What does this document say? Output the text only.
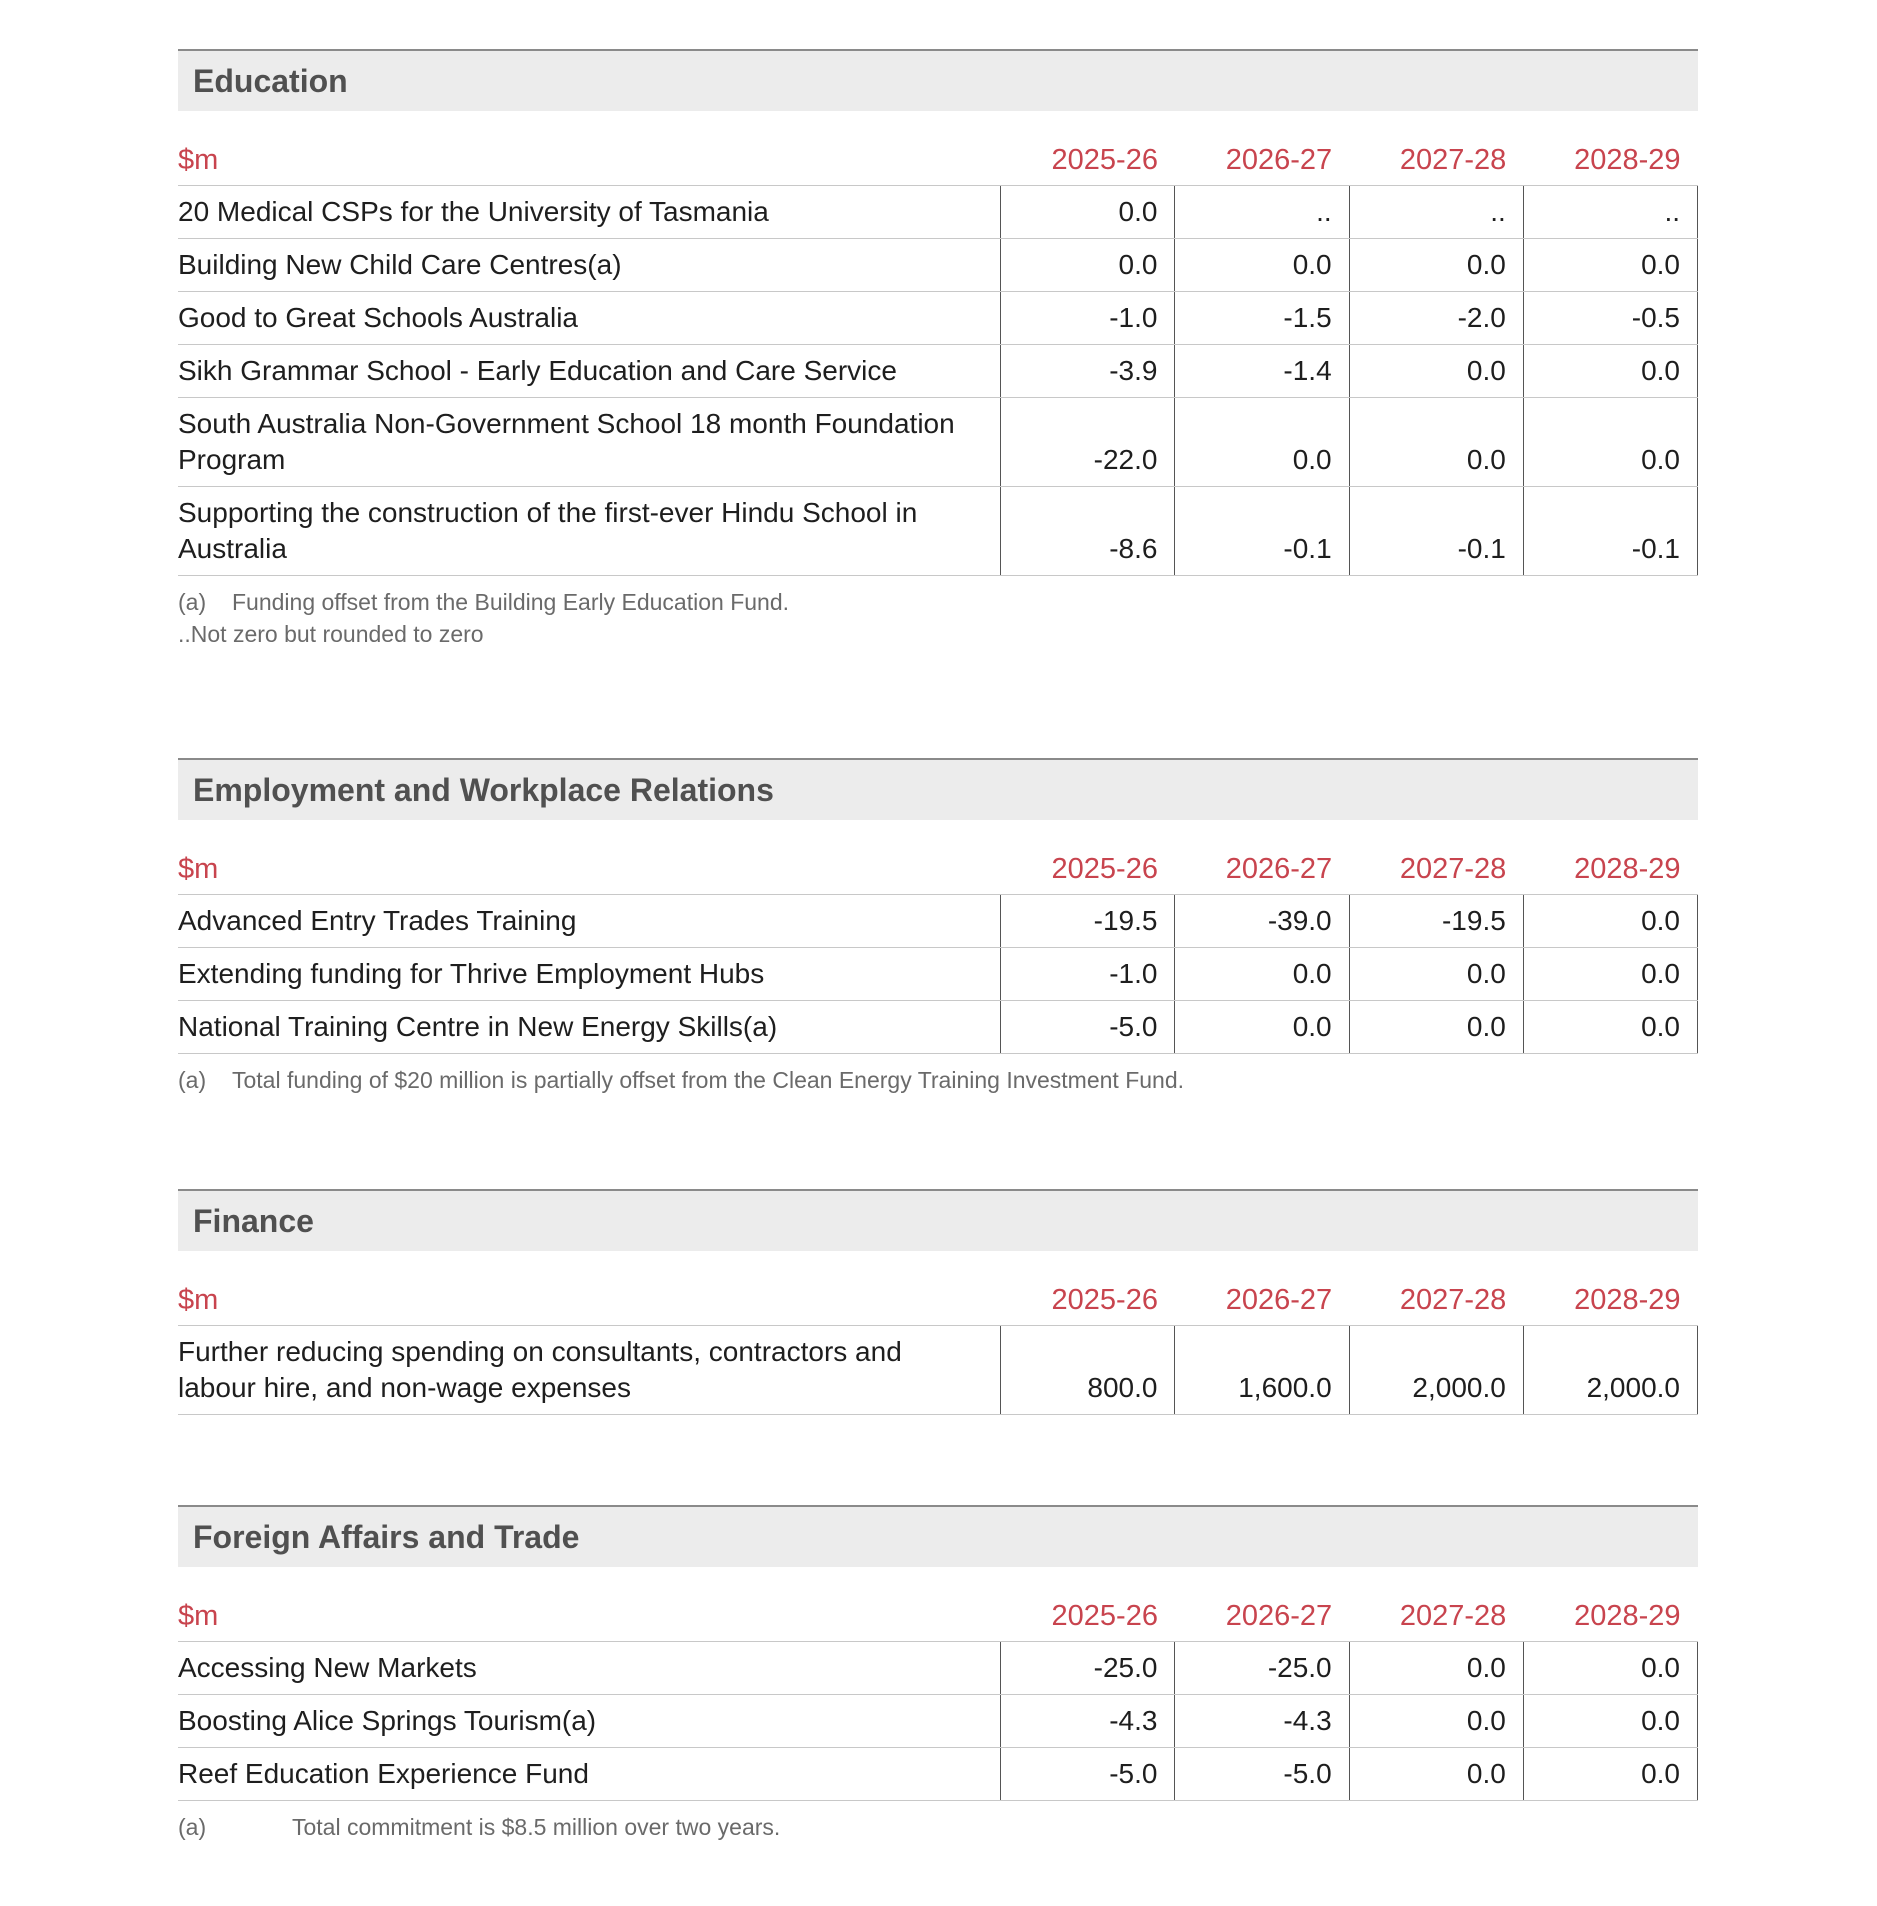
Education
$m	2025-26	2026-27	2027-28	2028-29
20 Medical CSPs for the University of Tasmania	0.0	..	..	..
Building New Child Care Centres(a)	0.0	0.0	0.0	0.0
Good to Great Schools Australia	-1.0	-1.5	-2.0	-0.5
Sikh Grammar School - Early Education and Care Service	-3.9	-1.4	0.0	0.0
South Australia Non-Government School 18 month Foundation Program	-22.0	0.0	0.0	0.0
Supporting the construction of the first-ever Hindu School in Australia	-8.6	-0.1	-0.1	-0.1
(a) Funding offset from the Building Early Education Fund.
..Not zero but rounded to zero
Employment and Workplace Relations
$m	2025-26	2026-27	2027-28	2028-29
Advanced Entry Trades Training	-19.5	-39.0	-19.5	0.0
Extending funding for Thrive Employment Hubs	-1.0	0.0	0.0	0.0
National Training Centre in New Energy Skills(a)	-5.0	0.0	0.0	0.0
(a) Total funding of $20 million is partially offset from the Clean Energy Training Investment Fund.
Finance
$m	2025-26	2026-27	2027-28	2028-29
Further reducing spending on consultants, contractors and labour hire, and non-wage expenses	800.0	1,600.0	2,000.0	2,000.0
Foreign Affairs and Trade
$m	2025-26	2026-27	2027-28	2028-29
Accessing New Markets	-25.0	-25.0	0.0	0.0
Boosting Alice Springs Tourism(a)	-4.3	-4.3	0.0	0.0
Reef Education Experience Fund	-5.0	-5.0	0.0	0.0
(a)	Total commitment is $8.5 million over two years.
